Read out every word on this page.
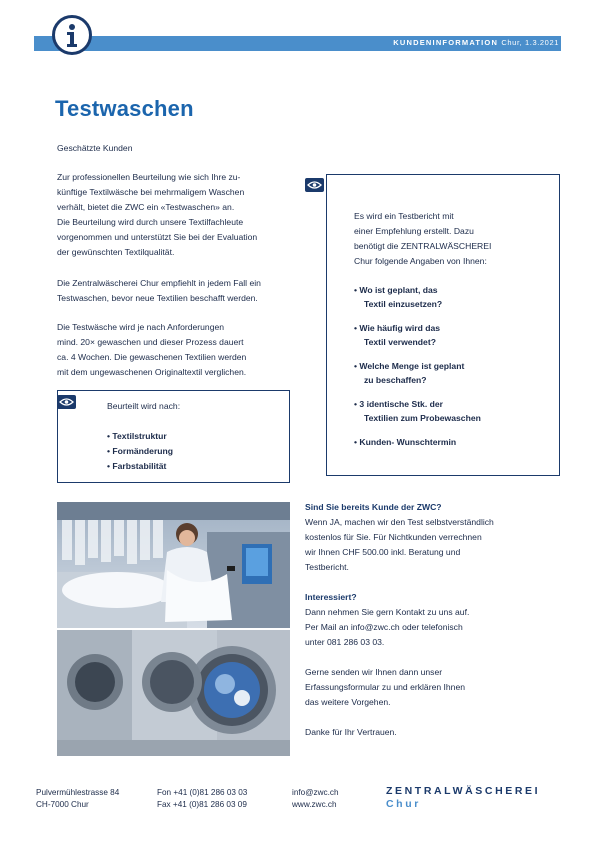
KUNDENINFORMATION Chur, 1.3.2021
Testwaschen
Geschätzte Kunden
Zur professionellen Beurteilung wie sich Ihre zu-
künftige Textilwäsche bei mehrmaligem Waschen
verhält, bietet die ZWC ein «Testwaschen» an.
Die Beurteilung wird durch unsere Textilfachleute
vorgenommen und unterstützt Sie bei der Evaluation
der gewünschten Textilqualität.
Die Zentralwäscherei Chur empfiehlt in jedem Fall ein
Testwaschen, bevor neue Textilien beschafft werden.
Die Testwäsche wird je nach Anforderungen
mind. 20× gewaschen und dieser Prozess dauert
ca. 4 Wochen. Die gewaschenen Textilien werden
mit dem ungewaschenen Originaltextil verglichen.
Beurteilt wird nach:
• Textilstruktur
• Formänderung
• Farbstabilität
Es wird ein Testbericht mit
einer Empfehlung erstellt. Dazu
benötigt die ZENTRALWÄSCHEREI
Chur folgende Angaben von Ihnen:
• Wo ist geplant, das
Textil einzusetzen?
• Wie häufig wird das
Textil verwendet?
• Welche Menge ist geplant
zu beschaffen?
• 3 identische Stk. der
Textilien zum Probewaschen
• Kunden- Wunschtermin
Sind Sie bereits Kunde der ZWC?
Wenn JA, machen wir den Test selbstverständlich
kostenlos für Sie. Für Nichtkunden verrechnen
wir Ihnen CHF 500.00 inkl. Beratung und
Testbericht.
Interessiert?
Dann nehmen Sie gern Kontakt zu uns auf.
Per Mail an info@zwc.ch oder telefonisch
unter 081 286 03 03.
Gerne senden wir Ihnen dann unser
Erfassungsformular zu und erklären Ihnen
das weitere Vorgehen.
Danke für Ihr Vertrauen.
Pulvermühlestrasse 84
CH-7000 Chur
Fon +41 (0)81 286 03 03
Fax +41 (0)81 286 03 09
info@zwc.ch
www.zwc.ch
ZENTRALWÄSCHEREI
Chur
